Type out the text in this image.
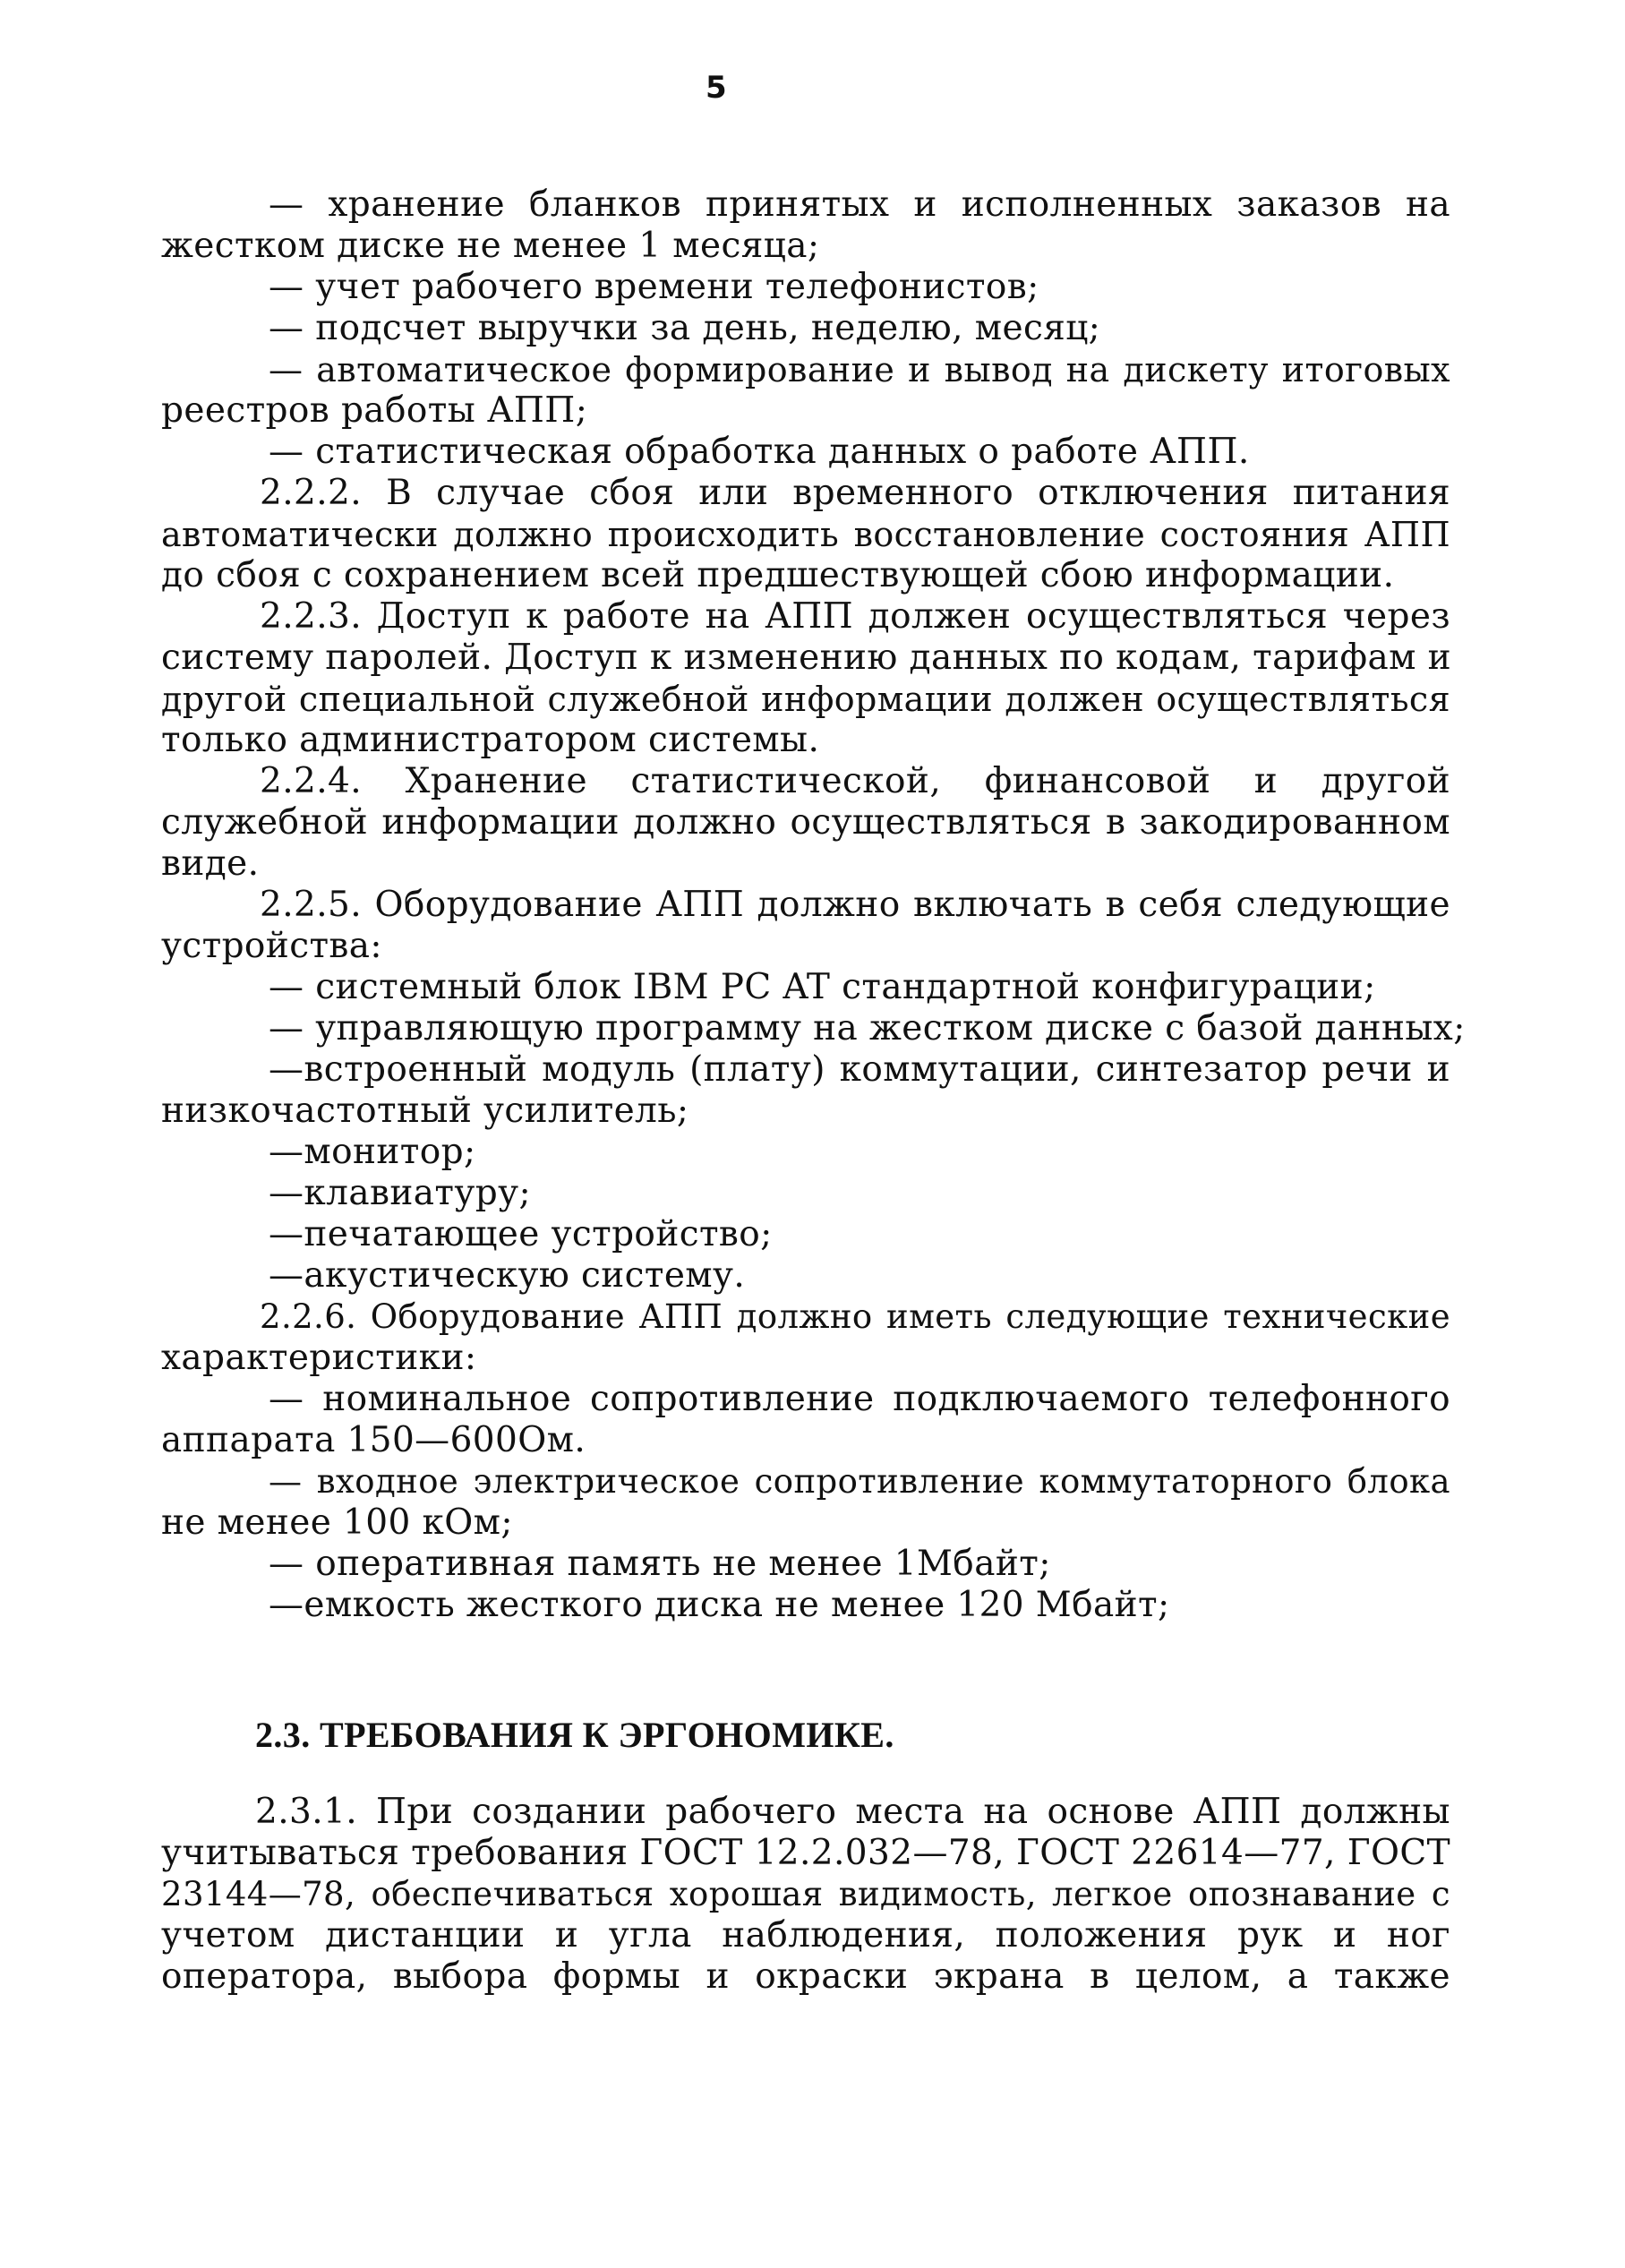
5
— хранение бланков принятых и исполненных заказов на
жестком диске не менее 1 месяца;
— учет рабочего времени телефонистов;
— подсчет выручки за день, неделю, месяц;
— автоматическое формирование и вывод на дискету итоговых
реестров работы АПП;
— статистическая обработка данных о работе АПП.
2.2.2. В случае сбоя или временного отключения питания
автоматически должно происходить восстановление состояния АПП
до сбоя с сохранением всей предшествующей сбою информации.
2.2.3. Доступ к работе на АПП должен осуществляться через
систему паролей. Доступ к изменению данных по кодам, тарифам и
другой специальной служебной информации должен осуществляться
только администратором системы.
2.2.4. Хранение статистической, финансовой и другой
служебной информации должно осуществляться в закодированном
виде.
2.2.5. Оборудование АПП должно включать в себя следующие
устройства:
— системный блок IBM PC AT стандартной конфигурации;
— управляющую программу на жестком диске с базой данных;
—встроенный модуль (плату) коммутации, синтезатор речи и
низкочастотный усилитель;
—монитор;
—клавиатуру;
—печатающее устройство;
—акустическую систему.
2.2.6. Оборудование АПП должно иметь следующие технические
характеристики:
— номинальное сопротивление подключаемого телефонного
аппарата 150—600Ом.
— входное электрическое сопротивление коммутаторного блока
не менее 100 кОм;
— оперативная память не менее 1Мбайт;
—емкость жесткого диска не менее 120 Мбайт;
2.3. ТРЕБОВАНИЯ К ЭРГОНОМИКЕ.
2.3.1. При создании рабочего места на основе АПП должны
учитываться требования ГОСТ 12.2.032—78, ГОСТ 22614—77, ГОСТ
23144—78, обеспечиваться хорошая видимость, легкое опознавание с
учетом дистанции и угла наблюдения, положения рук и ног
оператора, выбора формы и окраски экрана в целом, а также
